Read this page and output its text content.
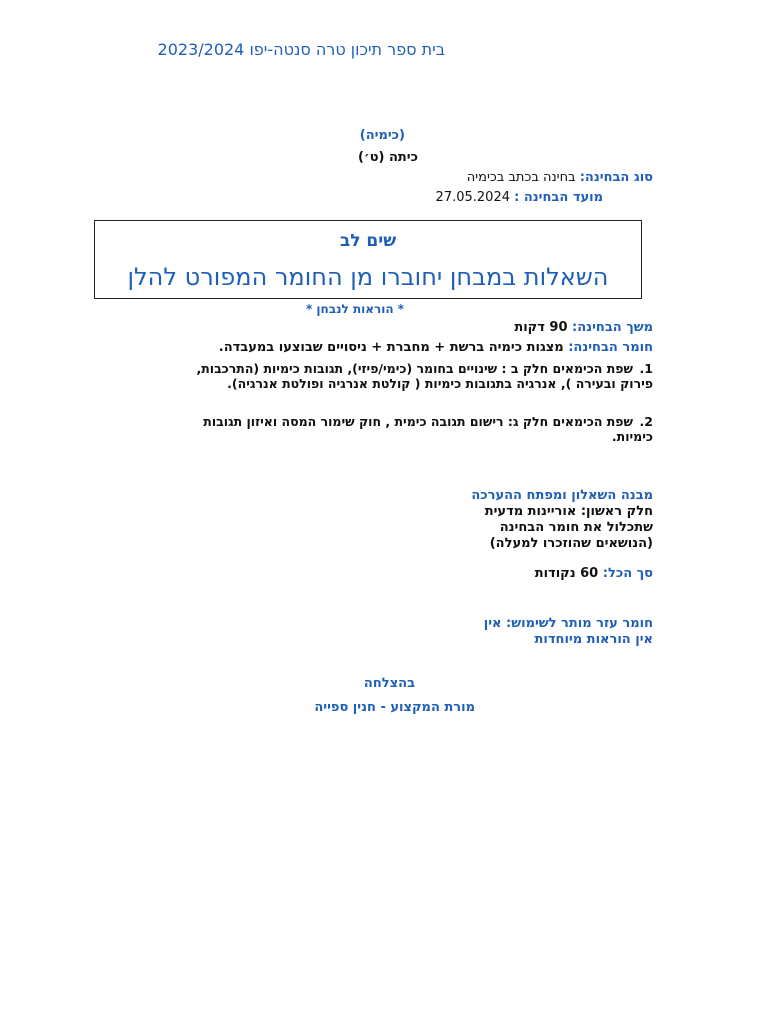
בית ספר תיכון טרה סנטה-יפו 2023/2024
(כימיה)
כיתה (ט׳)
סוג הבחינה: בחינה בכתב בכימיה
מועד הבחינה : 27.05.2024
שים לב
השאלות במבחן יחוברו מן החומר המפורט להלן
* הוראות לנבחן *
משך הבחינה: 90 דקות
חומר הבחינה: מצגות כימיה ברשת + מחברת + ניסויים שבוצעו במעבדה.
1.שפת הכימאים חלק ב : שינויים בחומר (כימי/פיזי), תגובות כימיות (התרכבות, פירוק ובעירה ), אנרגיה בתגובות כימיות ( קולטת אנרגיה ופולטת אנרגיה).
2.שפת הכימאים חלק ג: רישום תגובה כימית , חוק שימור המסה ואיזון תגובות כימיות.
מבנה השאלון ומפתח ההערכה
חלק ראשון: אוריינות מדעית
שתכלול את חומר הבחינה
(הנושאים שהוזכרו למעלה)
סך הכל: 60 נקודות
חומר עזר מותר לשימוש: אין
אין הוראות מיוחדות
בהצלחה
מורת המקצוע - חנין ספייה
